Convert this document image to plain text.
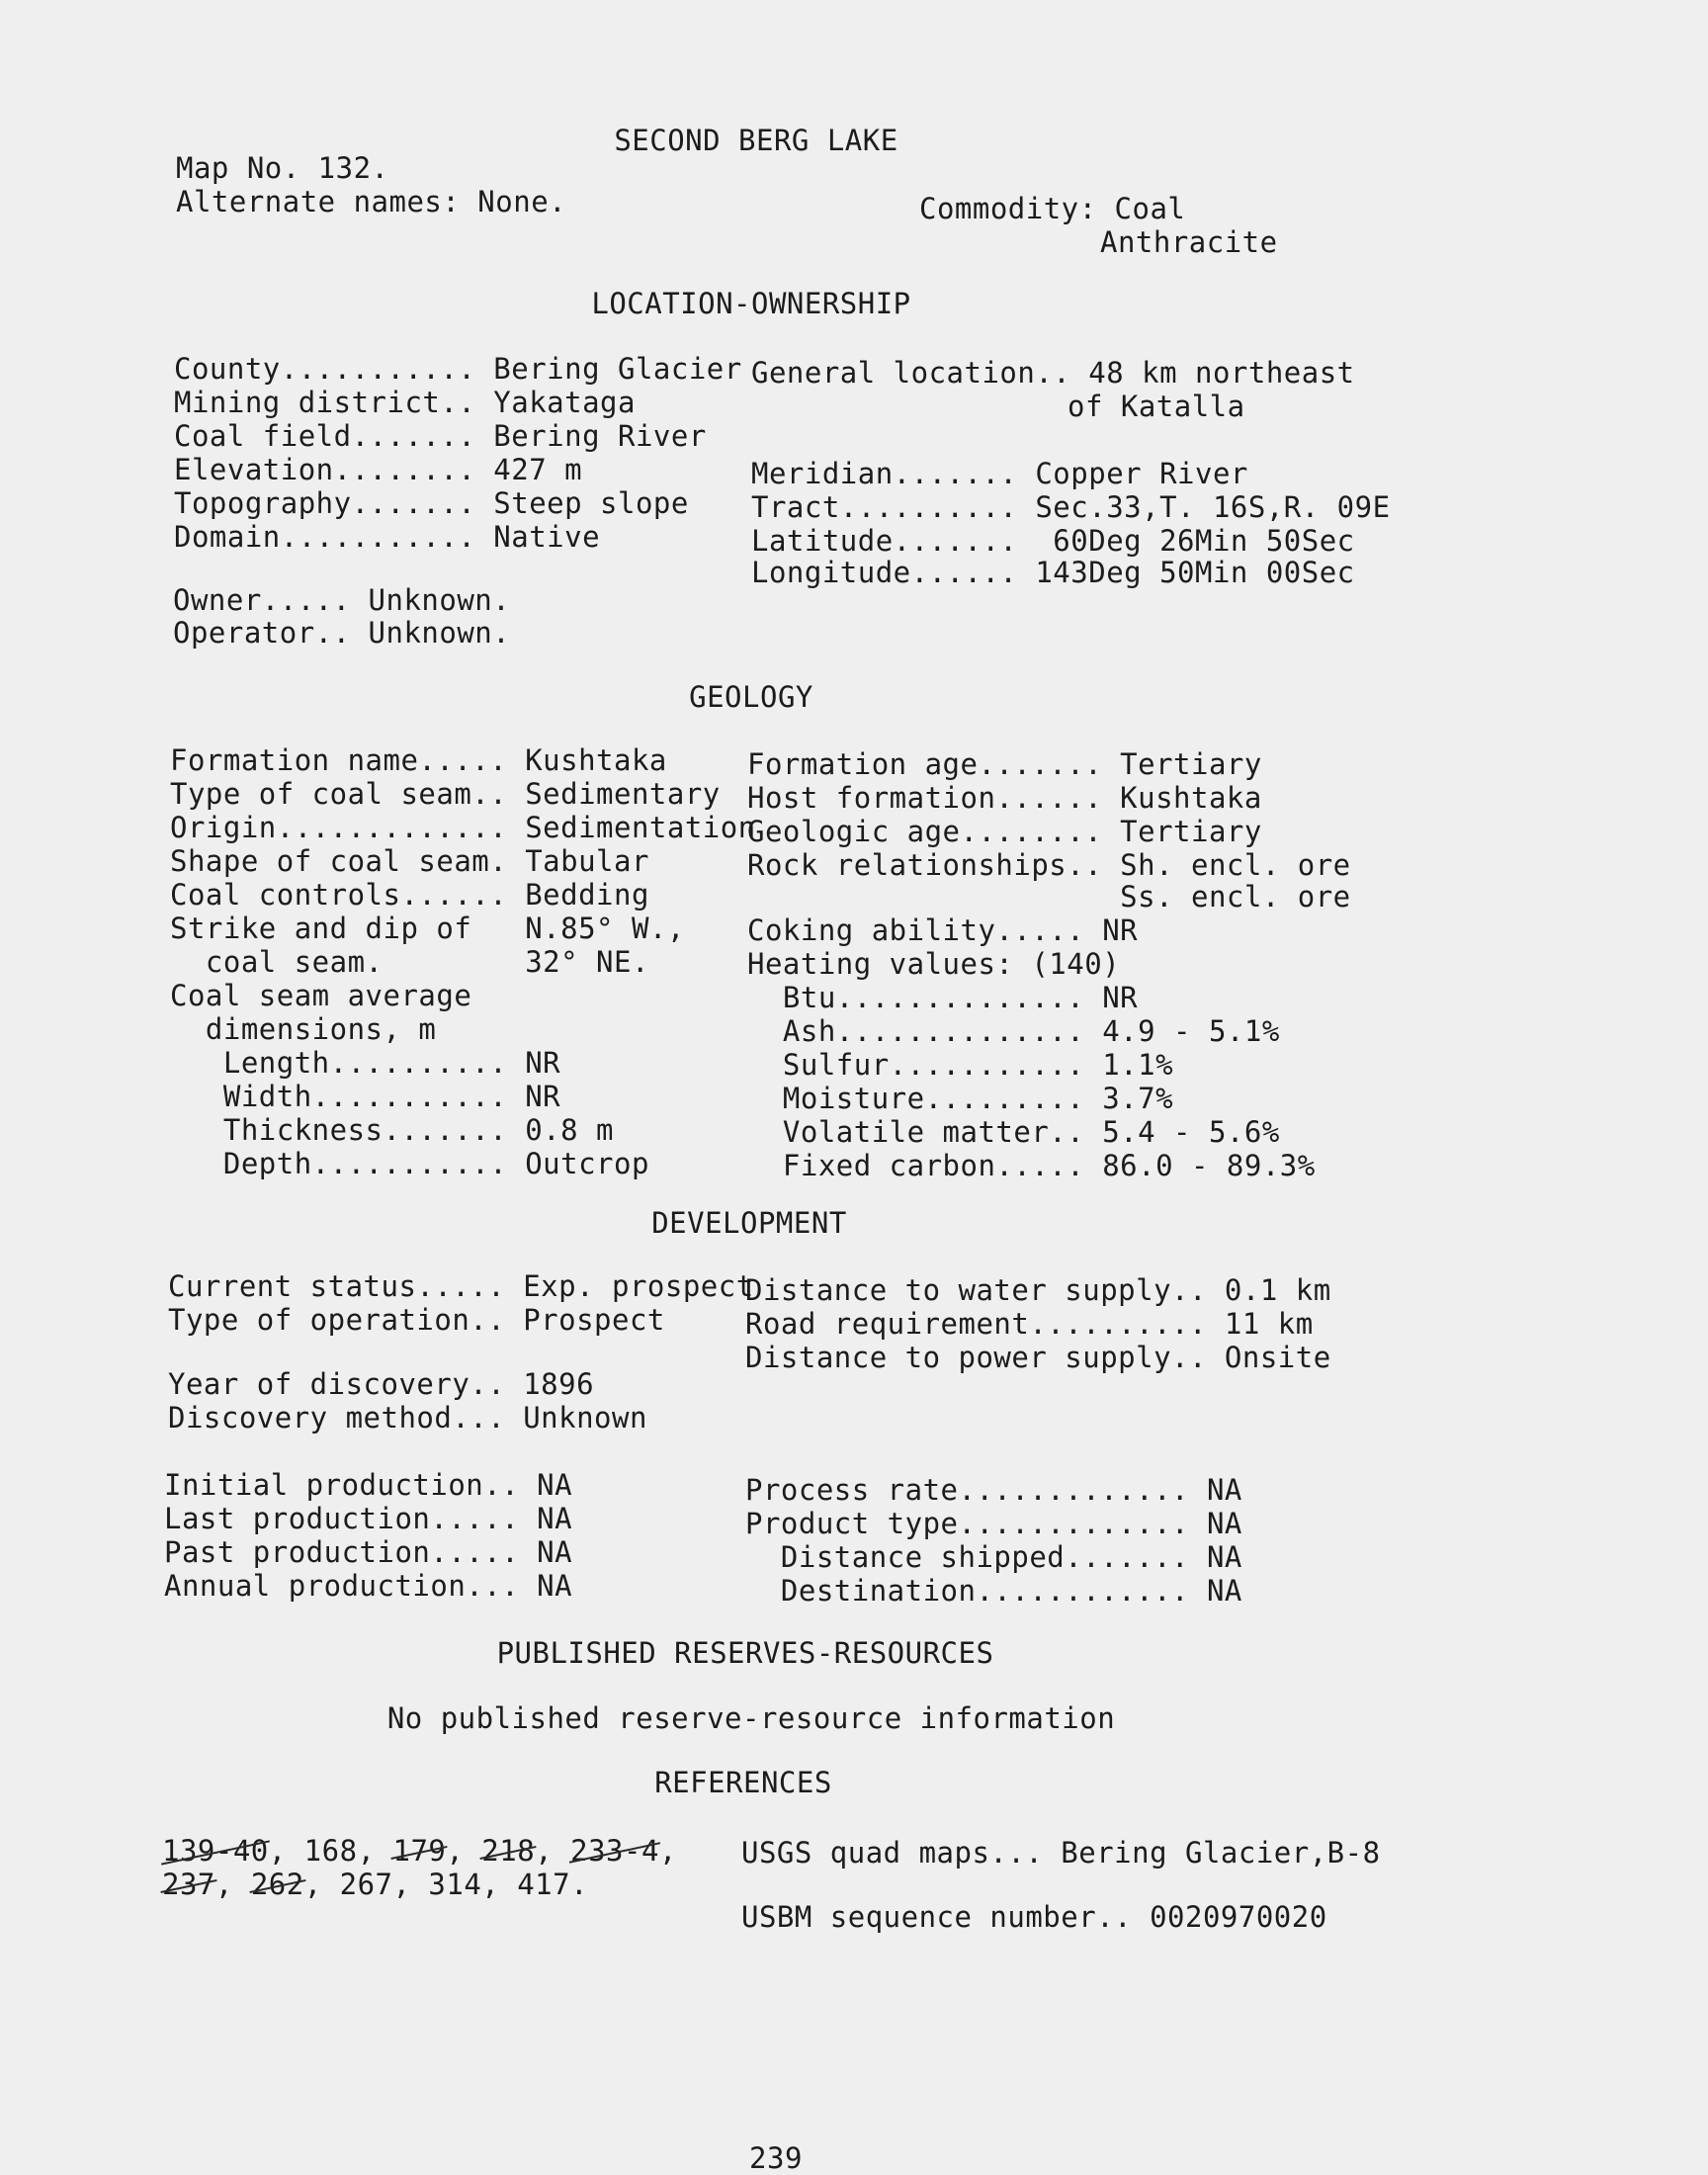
SECOND BERG LAKE
Map No. 132.
Alternate names: None.	Commodity: Coal
Anthracite
LOCATION-OWNERSHIP
County........... Bering Glacier
Mining district.. Yakataga
Coal field....... Bering River
Elevation........ 427 m
Topography....... Steep slope
Domain........... Native
General location.. 48 km northeast
of Katalla
Meridian....... Copper River
Tract.......... Sec.33,T. 16S,R. 09E
Latitude.......  60Deg 26Min 50Sec
Longitude...... 143Deg 50Min 00Sec
Owner..... Unknown.
Operator.. Unknown.
GEOLOGY
Formation name..... Kushtaka
Type of coal seam.. Sedimentary
Origin............. Sedimentation
Shape of coal seam. Tabular
Coal controls...... Bedding
Strike and dip of   N.85° W.,
coal seam.        32° NE.
Coal seam average
dimensions, m
Length.......... NR
Width........... NR
Thickness....... 0.8 m
Depth........... Outcrop
Formation age....... Tertiary
Host formation...... Kushtaka
Geologic age........ Tertiary
Rock relationships.. Sh. encl. ore
Ss. encl. ore
Coking ability..... NR
Heating values: (140)
Btu.............. NR
Ash.............. 4.9 - 5.1%
Sulfur........... 1.1%
Moisture......... 3.7%
Volatile matter.. 5.4 - 5.6%
Fixed carbon..... 86.0 - 89.3%
DEVELOPMENT
Current status..... Exp. prospect
Type of operation.. Prospect
Year of discovery.. 1896
Discovery method... Unknown
Initial production.. NA
Last production..... NA
Past production..... NA
Annual production... NA
Distance to water supply.. 0.1 km
Road requirement.......... 11 km
Distance to power supply.. Onsite
Process rate............. NA
Product type............. NA
Distance shipped....... NA
Destination............ NA
PUBLISHED RESERVES-RESOURCES
No published reserve-resource information
REFERENCES
139-40, 168, 179, 218, 233-4,
237, 262, 267, 314, 417.
USGS quad maps... Bering Glacier,B-8
USBM sequence number.. 0020970020
239
